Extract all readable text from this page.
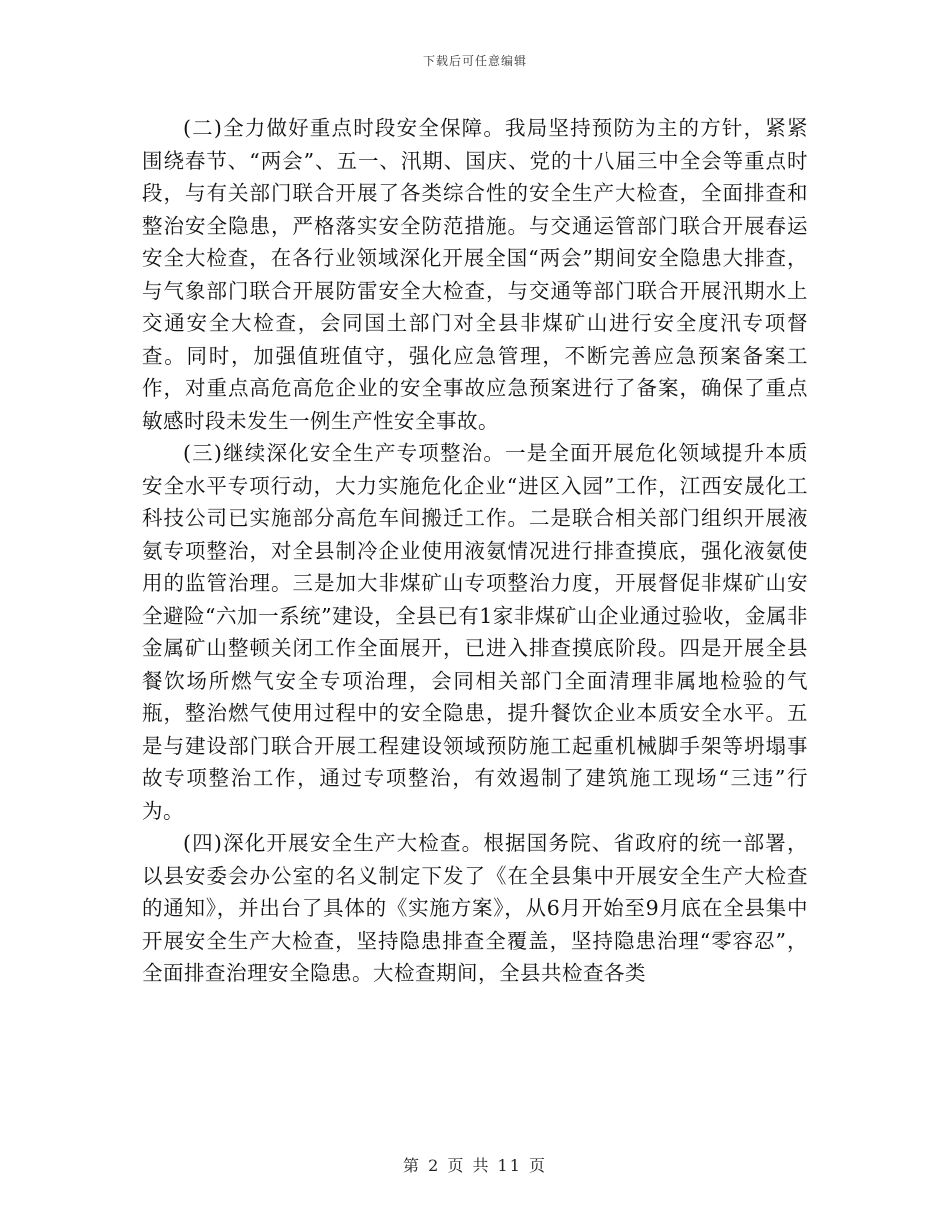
下载后可任意编辑

(二)全力做好重点时段安全保障。我局坚持预防为主的方针，紧紧围绕春节、“两会”、五一、汛期、国庆、党的十八届三中全会等重点时段，与有关部门联合开展了各类综合性的安全生产大检查，全面排查和整治安全隐患，严格落实安全防范措施。与交通运管部门联合开展春运安全大检查，在各行业领域深化开展全国“两会”期间安全隐患大排查，与气象部门联合开展防雷安全大检查，与交通等部门联合开展汛期水上交通安全大检查，会同国土部门对全县非煤矿山进行安全度汛专项督查。同时，加强值班值守，强化应急管理，不断完善应急预案备案工作，对重点高危高危企业的安全事故应急预案进行了备案，确保了重点敏感时段未发生一例生产性安全事故。

(三)继续深化安全生产专项整治。一是全面开展危化领域提升本质安全水平专项行动，大力实施危化企业“进区入园”工作，江西安晟化工科技公司已实施部分高危车间搬迁工作。二是联合相关部门组织开展液氨专项整治，对全县制冷企业使用液氨情况进行排查摸底，强化液氨使用的监管治理。三是加大非煤矿山专项整治力度，开展督促非煤矿山安全避险“六加一系统”建设，全县已有1家非煤矿山企业通过验收，金属非金属矿山整顿关闭工作全面展开，已进入排查摸底阶段。四是开展全县餐饮场所燃气安全专项治理，会同相关部门全面清理非属地检验的气瓶，整治燃气使用过程中的安全隐患，提升餐饮企业本质安全水平。五是与建设部门联合开展工程建设领域预防施工起重机械脚手架等坍塌事故专项整治工作，通过专项整治，有效遏制了建筑施工现场“三违”行为。

(四)深化开展安全生产大检查。根据国务院、省政府的统一部署，以县安委会办公室的名义制定下发了《在全县集中开展安全生产大检查的通知》，并出台了具体的《实施方案》，从6月开始至9月底在全县集中开展安全生产大检查，坚持隐患排查全覆盖，坚持隐患治理“零容忍”，全面排查治理安全隐患。大检查期间，全县共检查各类

第 2 页 共 11 页
